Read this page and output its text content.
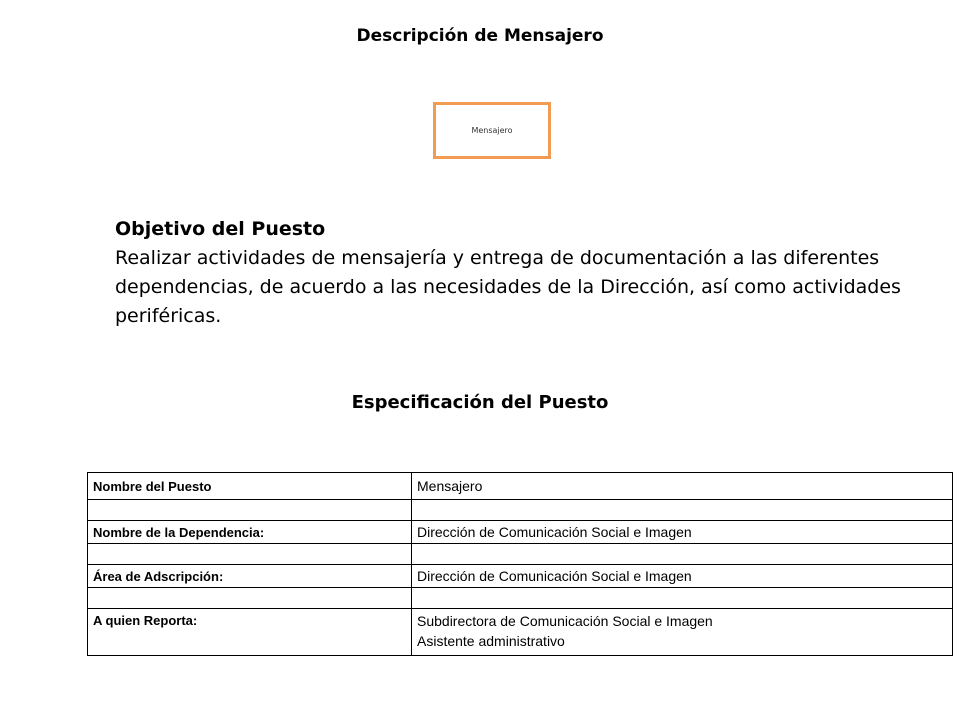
Descripción de Mensajero
Mensajero
Objetivo del Puesto
Realizar actividades de mensajería y entrega de documentación a las diferentes dependencias, de acuerdo a las necesidades de la Dirección, así como actividades periféricas.
Especificación del Puesto
Nombre del Puesto	Mensajero

Nombre de la Dependencia:	Dirección de Comunicación Social e Imagen

Área de Adscripción:	Dirección de Comunicación Social e Imagen

A quien Reporta:	Subdirectora de Comunicación Social e Imagen
Asistente administrativo
